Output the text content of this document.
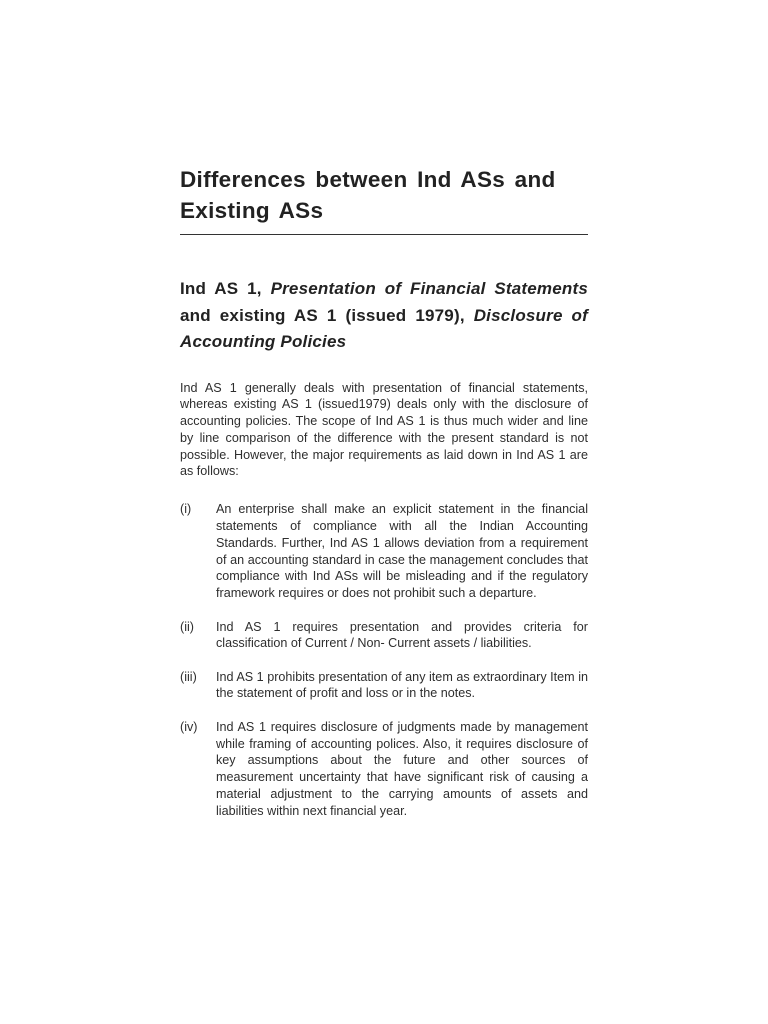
Differences between Ind ASs and Existing ASs
Ind AS 1, Presentation of Financial Statements and existing AS 1 (issued 1979), Disclosure of Accounting Policies

Ind AS 1 generally deals with presentation of financial statements, whereas existing AS 1 (issued1979) deals only with the disclosure of accounting policies. The scope of Ind AS 1 is thus much wider and line by line comparison of the difference with the present standard is not possible. However, the major requirements as laid down in Ind AS 1 are as follows:

(i)	An enterprise shall make an explicit statement in the financial statements of compliance with all the Indian Accounting Standards. Further, Ind AS 1 allows deviation from a requirement of an accounting standard in case the management concludes that compliance with Ind ASs will be misleading and if the regulatory framework requires or does not prohibit such a departure.
(ii)	Ind AS 1 requires presentation and provides criteria for classification of Current / Non- Current assets / liabilities.
(iii)	Ind AS 1 prohibits presentation of any item as extraordinary Item in the statement of profit and loss or in the notes.
(iv)	Ind AS 1 requires disclosure of judgments made by management while framing of accounting polices. Also, it requires disclosure of key assumptions about the future and other sources of measurement uncertainty that have significant risk of causing a material adjustment to the carrying amounts of assets and liabilities within next financial year.
